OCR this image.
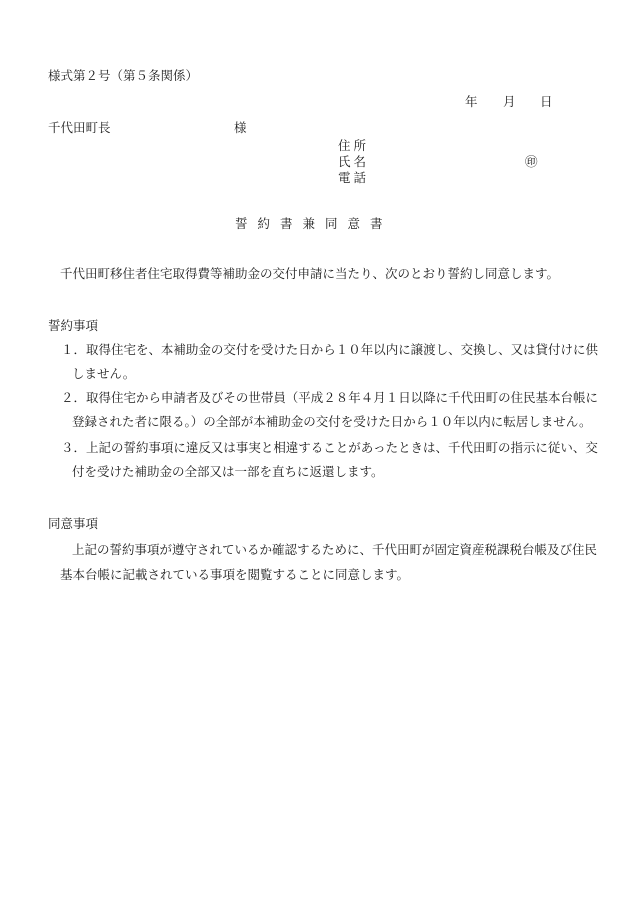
様式第２号（第５条関係）
年 月 日
千代田町長	様
住所
氏名	㊞
電話
誓約書兼同意書
千代田町移住者住宅取得費等補助金の交付申請に当たり、次のとおり誓約し同意します。
誓約事項
１． 取得住宅を、本補助金の交付を受けた日から１０年以内に譲渡し、交換し、又は貸付けに供
しません。
２． 取得住宅から申請者及びその世帯員（平成２８年４月１日以降に千代田町の住民基本台帳に
登録された者に限る。）の全部が本補助金の交付を受けた日から１０年以内に転居しません。
３． 上記の誓約事項に違反又は事実と相違することがあったときは、千代田町の指示に従い、交
付を受けた補助金の全部又は一部を直ちに返還します。
同意事項
上記の誓約事項が遵守されているか確認するために、千代田町が固定資産税課税台帳及び住民
基本台帳に記載されている事項を閲覧することに同意します。
